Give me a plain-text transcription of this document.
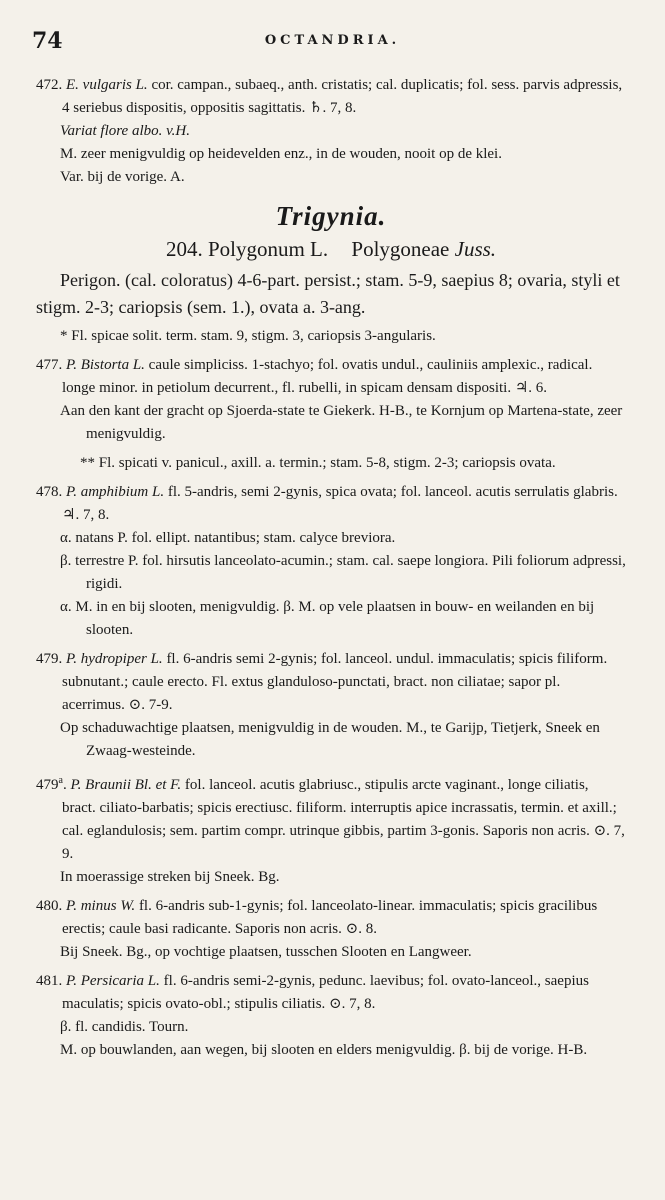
74	OCTANDRIA.
472. E. vulgaris L. cor. campan., subaeq., anth. cristatis; cal. duplicatis; fol. sess. parvis adpressis, 4 seriebus dispositis, oppositis sagittatis. ♄. 7, 8.
Variat flore albo. v.H.
M. zeer menigvuldig op heidevelden enz., in de wouden, nooit op de klei.
Var. bij de vorige. A.
Trigynia.
204. Polygonum L. Polygoneae Juss.
Perigon. (cal. coloratus) 4-6-part. persist.; stam. 5-9, saepius 8; ovaria, styli et stigm. 2-3; cariopsis (sem. 1.), ovata a. 3-ang.
* Fl. spicae solit. term. stam. 9, stigm. 3, cariopsis 3-angularis.
477. P. Bistorta L. caule simpliciss. 1-stachyo; fol. ovatis undul., cauliniis amplexic., radical. longe minor. in petiolum decurrent., fl. rubelli, in spicam densam dispositi. ♃. 6.
Aan den kant der gracht op Sjoerda-state te Giekerk. H-B., te Kornjum op Martena-state, zeer menigvuldig.
** Fl. spicati v. panicul., axill. a. termin.; stam. 5-8, stigm. 2-3; cariopsis ovata.
478. P. amphibium L. fl. 5-andris, semi 2-gynis, spica ovata; fol. lanceol. acutis serrulatis glabris. ♃. 7, 8.
α. natans P. fol. ellipt. natantibus; stam. calyce breviora.
β. terrestre P. fol. hirsutis lanceolato-acumin.; stam. cal. saepe longiora. Pili foliorum adpressi, rigidi.
α. M. in en bij slooten, menigvuldig. β. M. op vele plaatsen in bouw- en weilanden en bij slooten.
479. P. hydropiper L. fl. 6-andris semi 2-gynis; fol. lanceol. undul. immaculatis; spicis filiform. subnutant.; caule erecto. Fl. extus glanduloso-punctati, bract. non ciliatae; sapor pl. acerrimus. ⊙. 7-9.
Op schaduwachtige plaatsen, menigvuldig in de wouden. M., te Garijp, Tietjerk, Sneek en Zwaag-westeinde.
479$^a$. P. Braunii Bl. et F. fol. lanceol. acutis glabriusc., stipulis arcte vaginant., longe ciliatis, bract. ciliato-barbatis; spicis erectiusc. filiform. interruptis apice incrassatis, termin. et axill.; cal. eglandulosis; sem. partim compr. utrinque gibbis, partim 3-gonis. Saporis non acris. ⊙. 7, 9.
In moerassige streken bij Sneek. Bg.
480. P. minus W. fl. 6-andris sub-1-gynis; fol. lanceolato-linear. immaculatis; spicis gracilibus erectis; caule basi radicante. Saporis non acris. ⊙. 8.
Bij Sneek. Bg., op vochtige plaatsen, tusschen Slooten en Langweer.
481. P. Persicaria L. fl. 6-andris semi-2-gynis, pedunc. laevibus; fol. ovato-lanceol., saepius maculatis; spicis ovato-obl.; stipulis ciliatis. ⊙. 7, 8.
β. fl. candidis. Tourn.
M. op bouwlanden, aan wegen, bij slooten en elders menigvuldig. β. bij de vorige. H-B.
